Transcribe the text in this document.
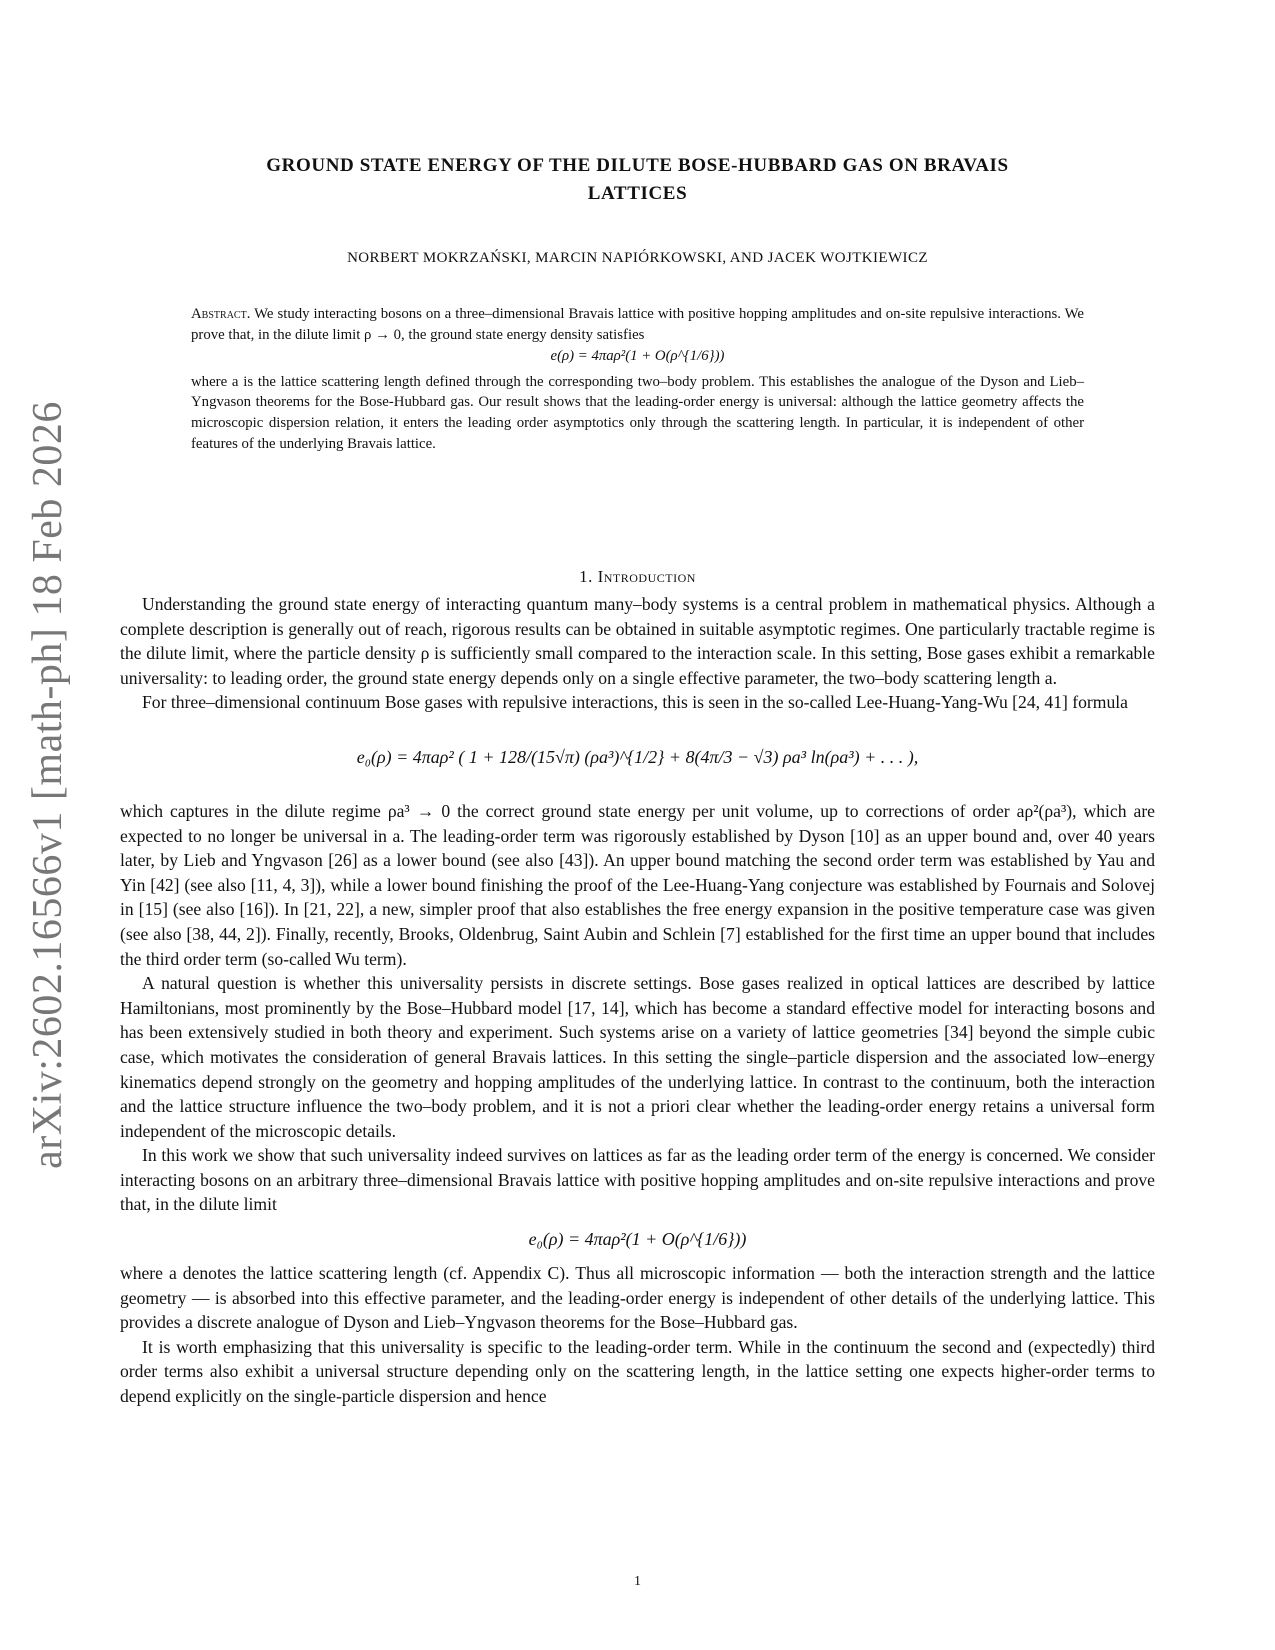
arXiv:2602.16566v1 [math-ph] 18 Feb 2026
GROUND STATE ENERGY OF THE DILUTE BOSE-HUBBARD GAS ON BRAVAIS
LATTICES
NORBERT MOKRZAŃSKI, MARCIN NAPIÓRKOWSKI, AND JACEK WOJTKIEWICZ

Abstract. We study interacting bosons on a three–dimensional Bravais lattice with positive hopping amplitudes and on-site repulsive interactions. We prove that, in the dilute limit ρ → 0, the ground state energy density satisfies

e(ρ) = 4πaρ²(1 + O(ρ^{1/6}))

where a is the lattice scattering length defined through the corresponding two–body problem. This establishes the analogue of the Dyson and Lieb–Yngvason theorems for the Bose-Hubbard gas. Our result shows that the leading-order energy is universal: although the lattice geometry affects the microscopic dispersion relation, it enters the leading order asymptotics only through the scattering length. In particular, it is independent of other features of the underlying Bravais lattice.

1. Introduction

Understanding the ground state energy of interacting quantum many–body systems is a central problem in mathematical physics. Although a complete description is generally out of reach, rigorous results can be obtained in suitable asymptotic regimes. One particularly tractable regime is the dilute limit, where the particle density ρ is sufficiently small compared to the interaction scale. In this setting, Bose gases exhibit a remarkable universality: to leading order, the ground state energy depends only on a single effective parameter, the two–body scattering length a.

For three–dimensional continuum Bose gases with repulsive interactions, this is seen in the so-called Lee-Huang-Yang-Wu [24, 41] formula

e₀(ρ) = 4πaρ² ( 1 + 128/(15√π) (ρa³)^{1/2} + 8(4π/3 − √3) ρa³ ln(ρa³) + . . . ),

which captures in the dilute regime ρa³ → 0 the correct ground state energy per unit volume, up to corrections of order aρ²(ρa³), which are expected to no longer be universal in a. The leading-order term was rigorously established by Dyson [10] as an upper bound and, over 40 years later, by Lieb and Yngvason [26] as a lower bound (see also [43]). An upper bound matching the second order term was established by Yau and Yin [42] (see also [11, 4, 3]), while a lower bound finishing the proof of the Lee-Huang-Yang conjecture was established by Fournais and Solovej in [15] (see also [16]). In [21, 22], a new, simpler proof that also establishes the free energy expansion in the positive temperature case was given (see also [38, 44, 2]). Finally, recently, Brooks, Oldenbrug, Saint Aubin and Schlein [7] established for the first time an upper bound that includes the third order term (so-called Wu term).

A natural question is whether this universality persists in discrete settings. Bose gases realized in optical lattices are described by lattice Hamiltonians, most prominently by the Bose–Hubbard model [17, 14], which has become a standard effective model for interacting bosons and has been extensively studied in both theory and experiment. Such systems arise on a variety of lattice geometries [34] beyond the simple cubic case, which motivates the consideration of general Bravais lattices. In this setting the single–particle dispersion and the associated low–energy kinematics depend strongly on the geometry and hopping amplitudes of the underlying lattice. In contrast to the continuum, both the interaction and the lattice structure influence the two–body problem, and it is not a priori clear whether the leading-order energy retains a universal form independent of the microscopic details.

In this work we show that such universality indeed survives on lattices as far as the leading order term of the energy is concerned. We consider interacting bosons on an arbitrary three–dimensional Bravais lattice with positive hopping amplitudes and on-site repulsive interactions and prove that, in the dilute limit

e₀(ρ) = 4πaρ²(1 + O(ρ^{1/6}))

where a denotes the lattice scattering length (cf. Appendix C). Thus all microscopic information — both the interaction strength and the lattice geometry — is absorbed into this effective parameter, and the leading-order energy is independent of other details of the underlying lattice. This provides a discrete analogue of Dyson and Lieb–Yngvason theorems for the Bose–Hubbard gas.

It is worth emphasizing that this universality is specific to the leading-order term. While in the continuum the second and (expectedly) third order terms also exhibit a universal structure depending only on the scattering length, in the lattice setting one expects higher-order terms to depend explicitly on the single-particle dispersion and hence

1
